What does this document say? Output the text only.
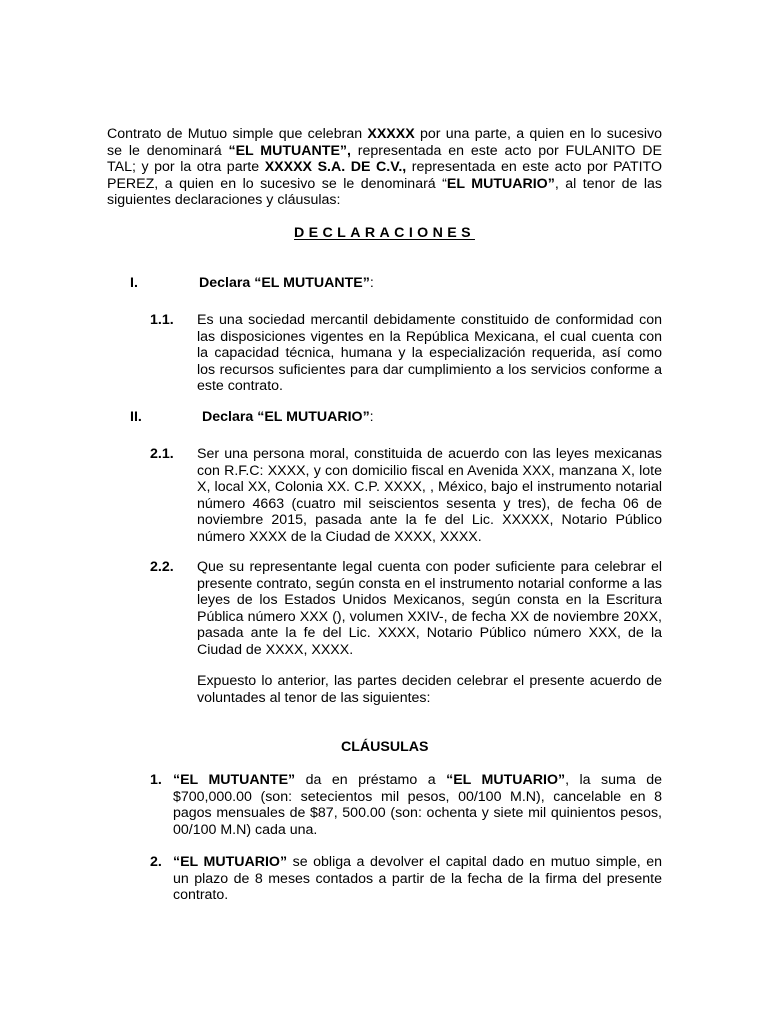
Contrato de Mutuo simple que celebran XXXXX por una parte, a quien en lo sucesivo se le denominará “EL MUTUANTE”, representada en este acto por FULANITO DE TAL; y por la otra parte XXXXX S.A. DE C.V., representada en este acto por PATITO PEREZ, a quien en lo sucesivo se le denominará “EL MUTUARIO”, al tenor de las siguientes declaraciones y cláusulas:

DECLARACIONES

I.	Declara “EL MUTUANTE”:

1.1. Es una sociedad mercantil debidamente constituido de conformidad con las disposiciones vigentes en la República Mexicana, el cual cuenta con la capacidad técnica, humana y la especialización requerida, así como los recursos suficientes para dar cumplimiento a los servicios conforme a este contrato.

II.	Declara “EL MUTUARIO”:

2.1. Ser una persona moral, constituida de acuerdo con las leyes mexicanas con R.F.C: XXXX, y con domicilio fiscal en Avenida XXX, manzana X, lote X, local XX, Colonia XX. C.P. XXXX, , México, bajo el instrumento notarial número 4663 (cuatro mil seiscientos sesenta y tres), de fecha 06 de noviembre 2015, pasada ante la fe del Lic. XXXXX, Notario Público número XXXX de la Ciudad de XXXX, XXXX.

2.2. Que su representante legal cuenta con poder suficiente para celebrar el presente contrato, según consta en el instrumento notarial conforme a las leyes de los Estados Unidos Mexicanos, según consta en la Escritura Pública número XXX (), volumen XXIV-, de fecha XX de noviembre 20XX, pasada ante la fe del Lic. XXXX, Notario Público número XXX, de la Ciudad de XXXX, XXXX.

Expuesto lo anterior, las partes deciden celebrar el presente acuerdo de voluntades al tenor de las siguientes:

CLÁUSULAS

1. “EL MUTUANTE” da en préstamo a “EL MUTUARIO”, la suma de $700,000.00 (son: setecientos mil pesos, 00/100 M.N), cancelable en 8 pagos mensuales de $87, 500.00 (son: ochenta y siete mil quinientos pesos, 00/100 M.N) cada una.

2. “EL MUTUARIO” se obliga a devolver el capital dado en mutuo simple, en un plazo de 8 meses contados a partir de la fecha de la firma del presente contrato.
